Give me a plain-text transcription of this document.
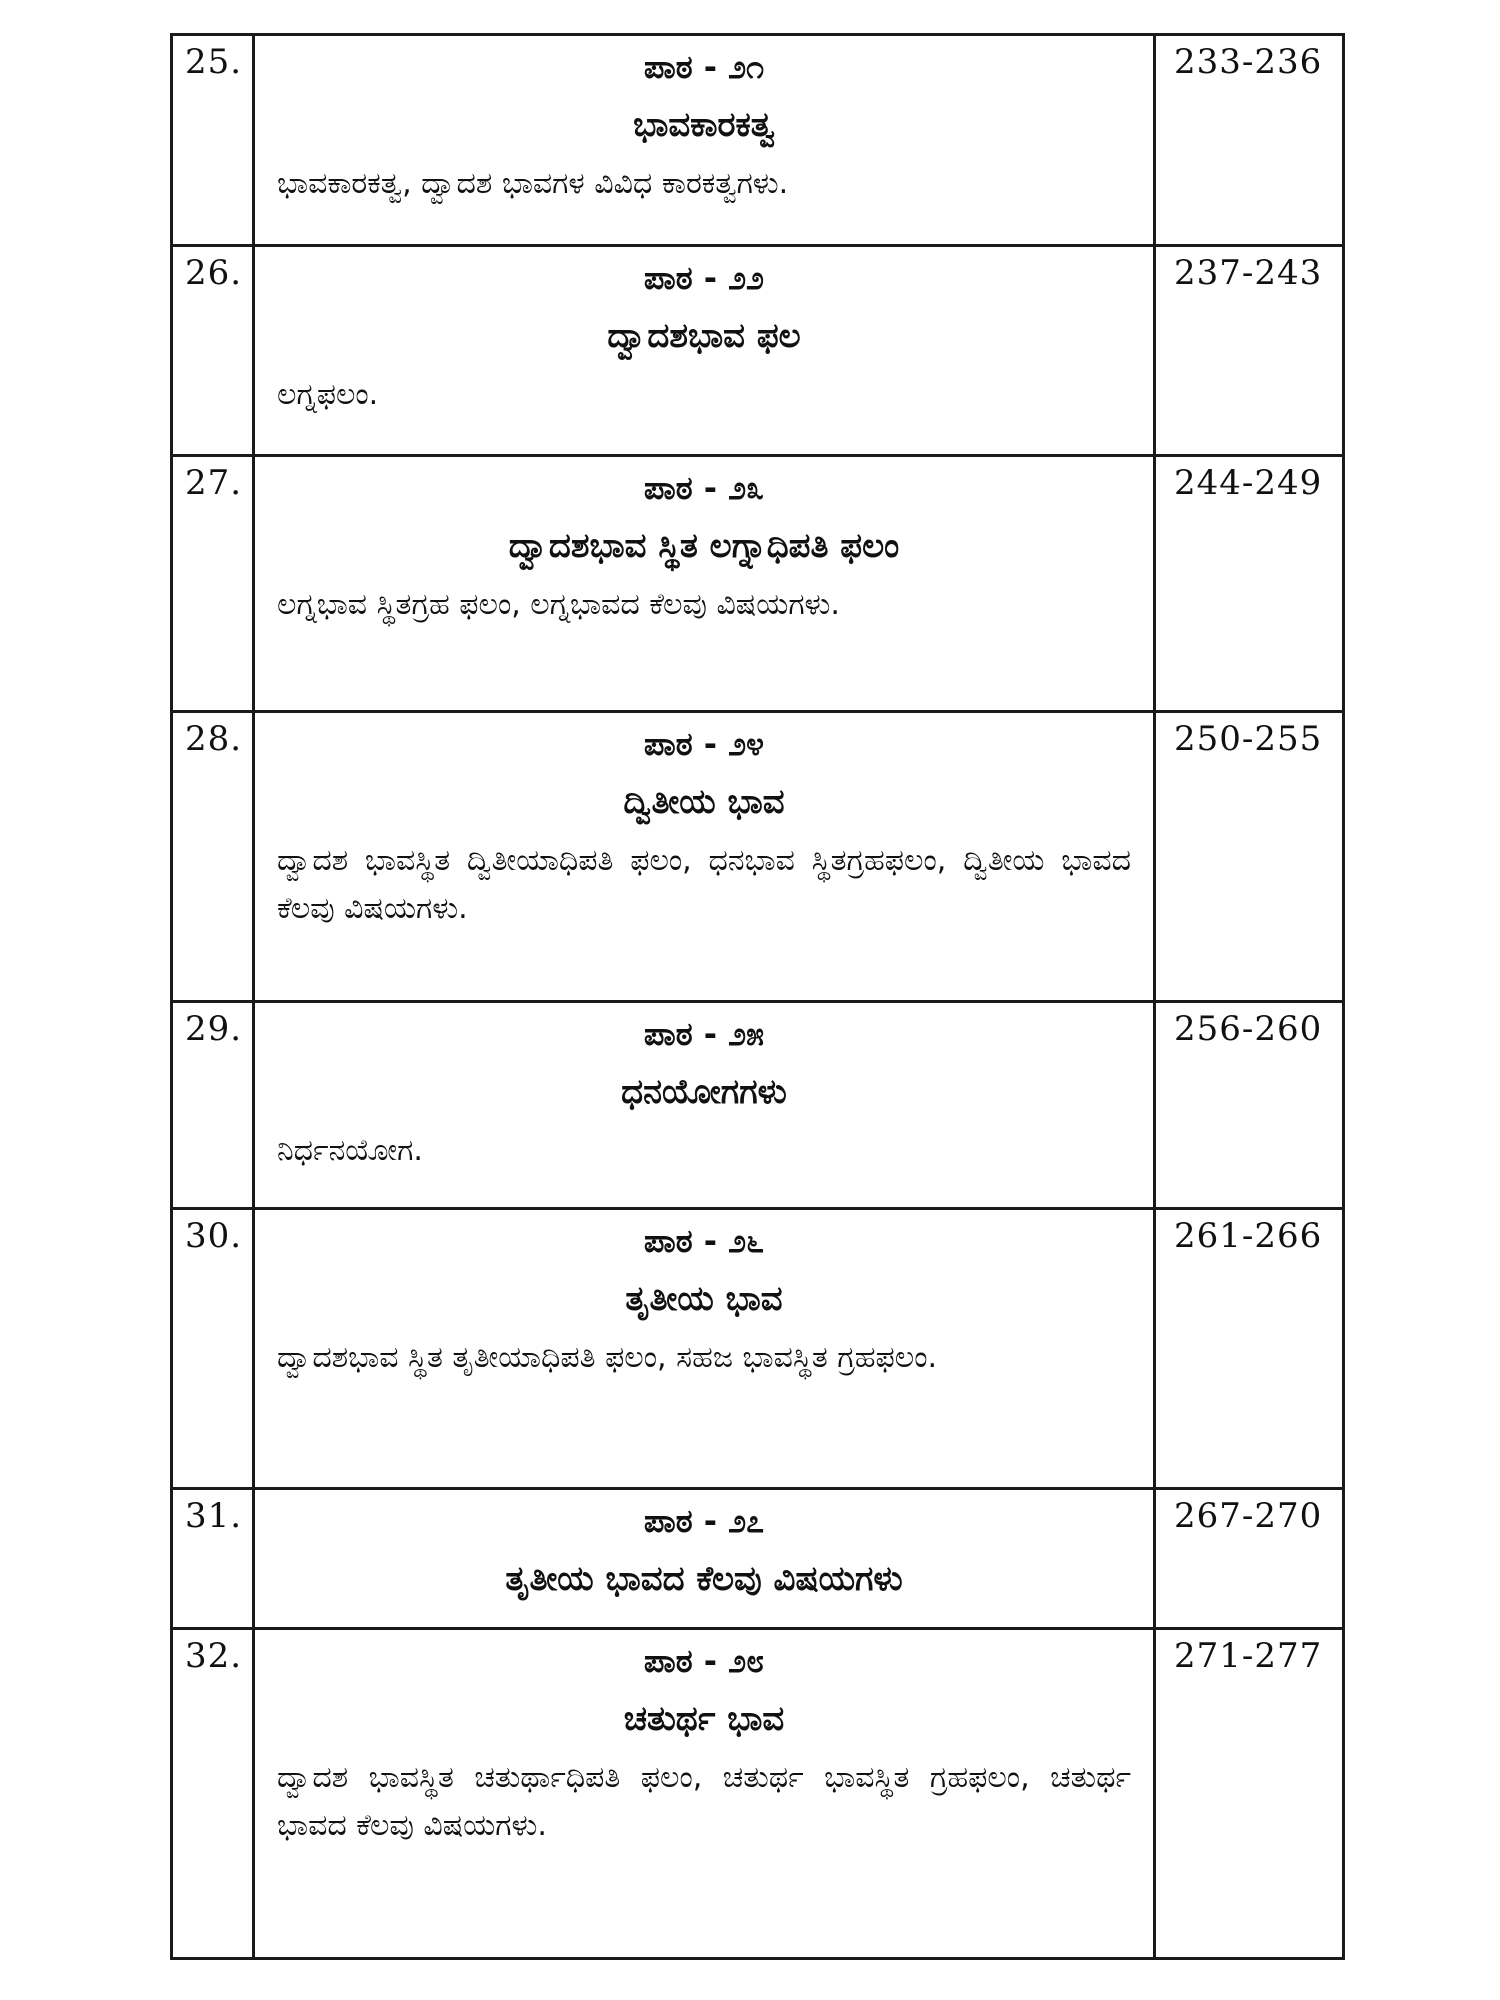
25.	ಪಾಠ - ೨೧
ಭಾವಕಾರಕತ್ವ
ಭಾವಕಾರಕತ್ವ, ದ್ವಾದಶ ಭಾವಗಳ ವಿವಿಧ ಕಾರಕತ್ವಗಳು.
233-236
26.	ಪಾಠ - ೨೨
ದ್ವಾದಶಭಾವ ಫಲ
ಲಗ್ನಫಲಂ.
237-243
27.	ಪಾಠ - ೨೩
ದ್ವಾದಶಭಾವ ಸ್ಥಿತ ಲಗ್ನಾಧಿಪತಿ ಫಲಂ
ಲಗ್ನಭಾವ ಸ್ಥಿತಗ್ರಹ ಫಲಂ, ಲಗ್ನಭಾವದ ಕೆಲವು ವಿಷಯಗಳು.
244-249
28.	ಪಾಠ - ೨೪
ದ್ವಿತೀಯ ಭಾವ
ದ್ವಾದಶ ಭಾವಸ್ಥಿತ ದ್ವಿತೀಯಾಧಿಪತಿ ಫಲಂ, ಧನಭಾವ ಸ್ಥಿತಗ್ರಹಫಲಂ, ದ್ವಿತೀಯ ಭಾವದ ಕೆಲವು ವಿಷಯಗಳು.
250-255
29.	ಪಾಠ - ೨೫
ಧನಯೋಗಗಳು
ನಿರ್ಧನಯೋಗ.
256-260
30.	ಪಾಠ - ೨೬
ತೃತೀಯ ಭಾವ
ದ್ವಾದಶಭಾವ ಸ್ಥಿತ ತೃತೀಯಾಧಿಪತಿ ಫಲಂ, ಸಹಜ ಭಾವಸ್ಥಿತ ಗ್ರಹಫಲಂ.
261-266
31.	ಪಾಠ - ೨೭
ತೃತೀಯ ಭಾವದ ಕೆಲವು ವಿಷಯಗಳು
267-270
32.	ಪಾಠ - ೨೮
ಚತುರ್ಥ ಭಾವ
ದ್ವಾದಶ ಭಾವಸ್ಥಿತ ಚತುರ್ಥಾಧಿಪತಿ ಫಲಂ, ಚತುರ್ಥ ಭಾವಸ್ಥಿತ ಗ್ರಹಫಲಂ, ಚತುರ್ಥ ಭಾವದ ಕೆಲವು ವಿಷಯಗಳು.
271-277
